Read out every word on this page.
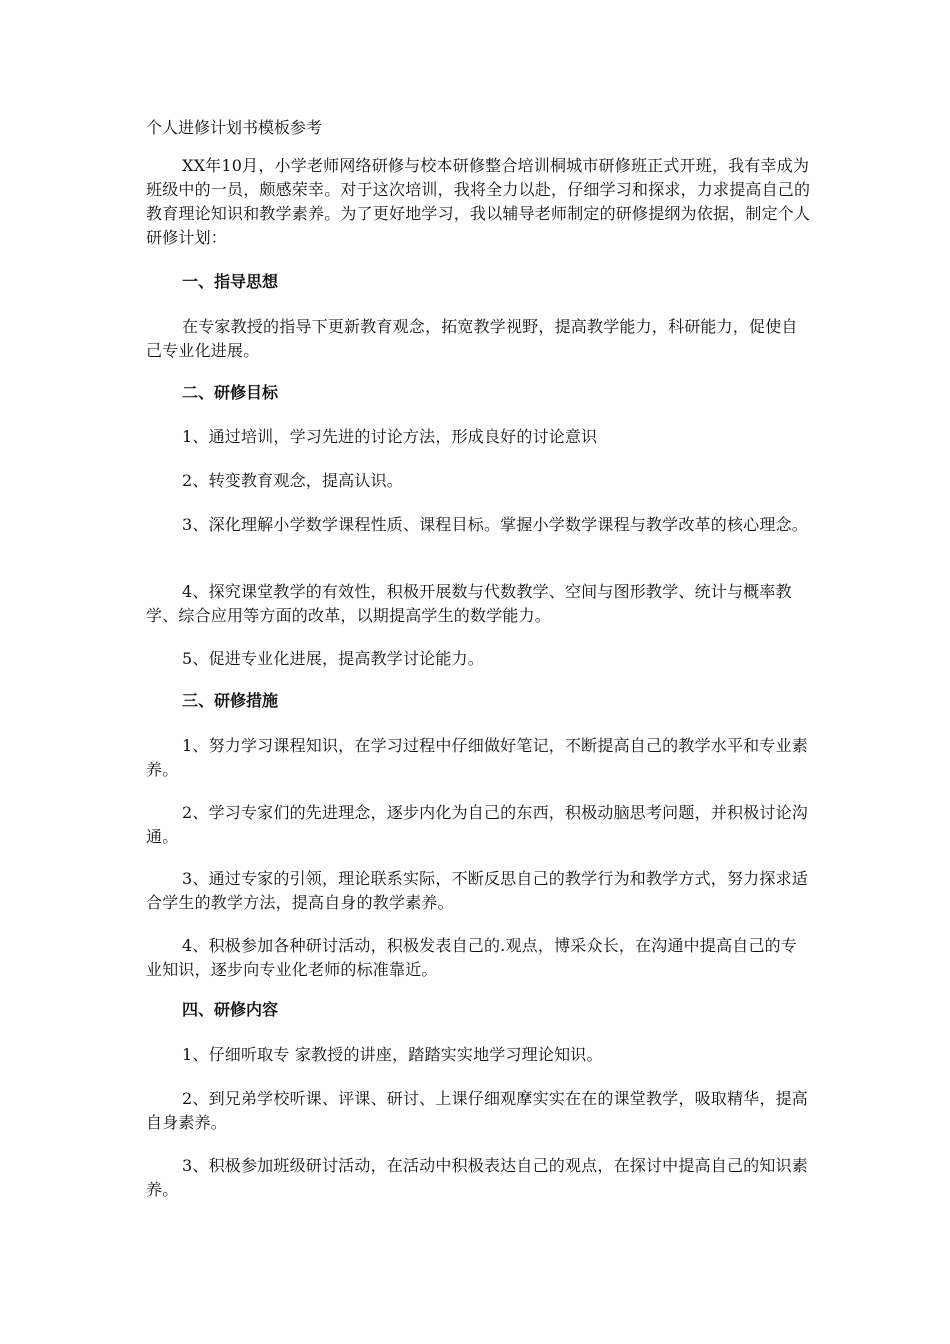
个人进修计划书模板参考
XX年10月，小学老师网络研修与校本研修整合培训桐城市研修班正式开班，我有幸成为班级中的一员，颇感荣幸。对于这次培训，我将全力以赴，仔细学习和探求，力求提高自己的教育理论知识和教学素养。为了更好地学习，我以辅导老师制定的研修提纲为依据，制定个人研修计划：
一、指导思想
在专家教授的指导下更新教育观念，拓宽教学视野，提高教学能力，科研能力，促使自己专业化进展。
二、研修目标
1、通过培训，学习先进的讨论方法，形成良好的讨论意识
2、转变教育观念，提高认识。
3、深化理解小学数学课程性质、课程目标。掌握小学数学课程与教学改革的核心理念。
4、探究课堂教学的有效性，积极开展数与代数教学、空间与图形教学、统计与概率教学、综合应用等方面的改革，以期提高学生的数学能力。
5、促进专业化进展，提高教学讨论能力。
三、研修措施
1、努力学习课程知识，在学习过程中仔细做好笔记，不断提高自己的教学水平和专业素养。
2、学习专家们的先进理念，逐步内化为自己的东西，积极动脑思考问题，并积极讨论沟通。
3、通过专家的引领，理论联系实际，不断反思自己的教学行为和教学方式，努力探求适合学生的教学方法，提高自身的教学素养。
4、积极参加各种研讨活动，积极发表自己的.观点，博采众长，在沟通中提高自己的专业知识，逐步向专业化老师的标准靠近。
四、研修内容
1、仔细听取专 家教授的讲座，踏踏实实地学习理论知识。
2、到兄弟学校听课、评课、研讨、上课仔细观摩实实在在的课堂教学，吸取精华，提高自身素养。
3、积极参加班级研讨活动，在活动中积极表达自己的观点，在探讨中提高自己的知识素养。
